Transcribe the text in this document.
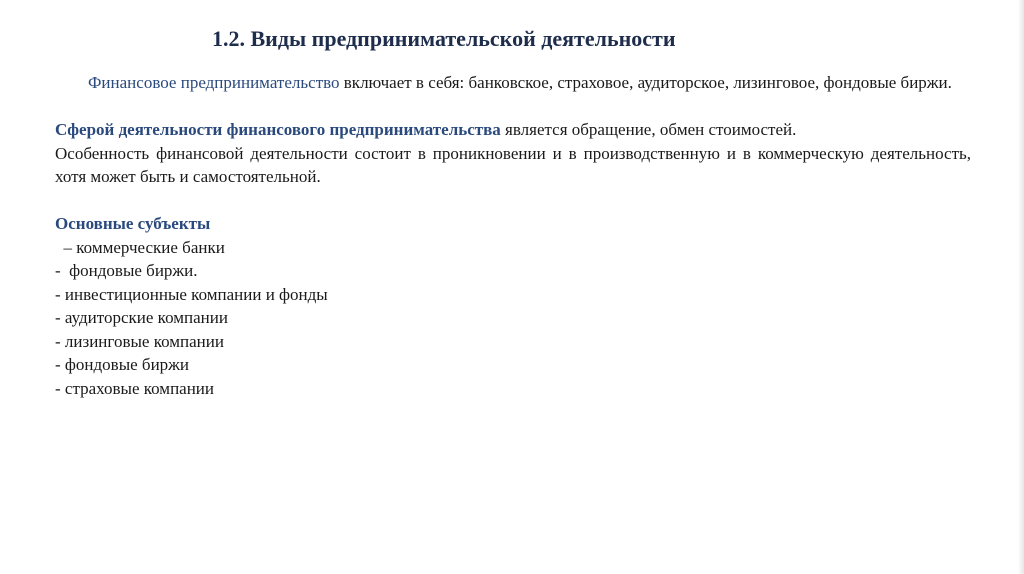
1.2. Виды предпринимательской деятельности

Финансовое предпринимательство включает в себя: банковское, страховое, аудиторское, лизинговое, фондовые биржи.

Сферой деятельности финансового предпринимательства является обращение, обмен стоимостей.

Особенность финансовой деятельности состоит в проникновении и в производственную и в коммерческую деятельность, хотя может быть и самостоятельной.

Основные субъекты

– коммерческие банки
-  фондовые биржи.
- инвестиционные компании и фонды
- аудиторские компании
- лизинговые компании
- фондовые биржи
- страховые компании
